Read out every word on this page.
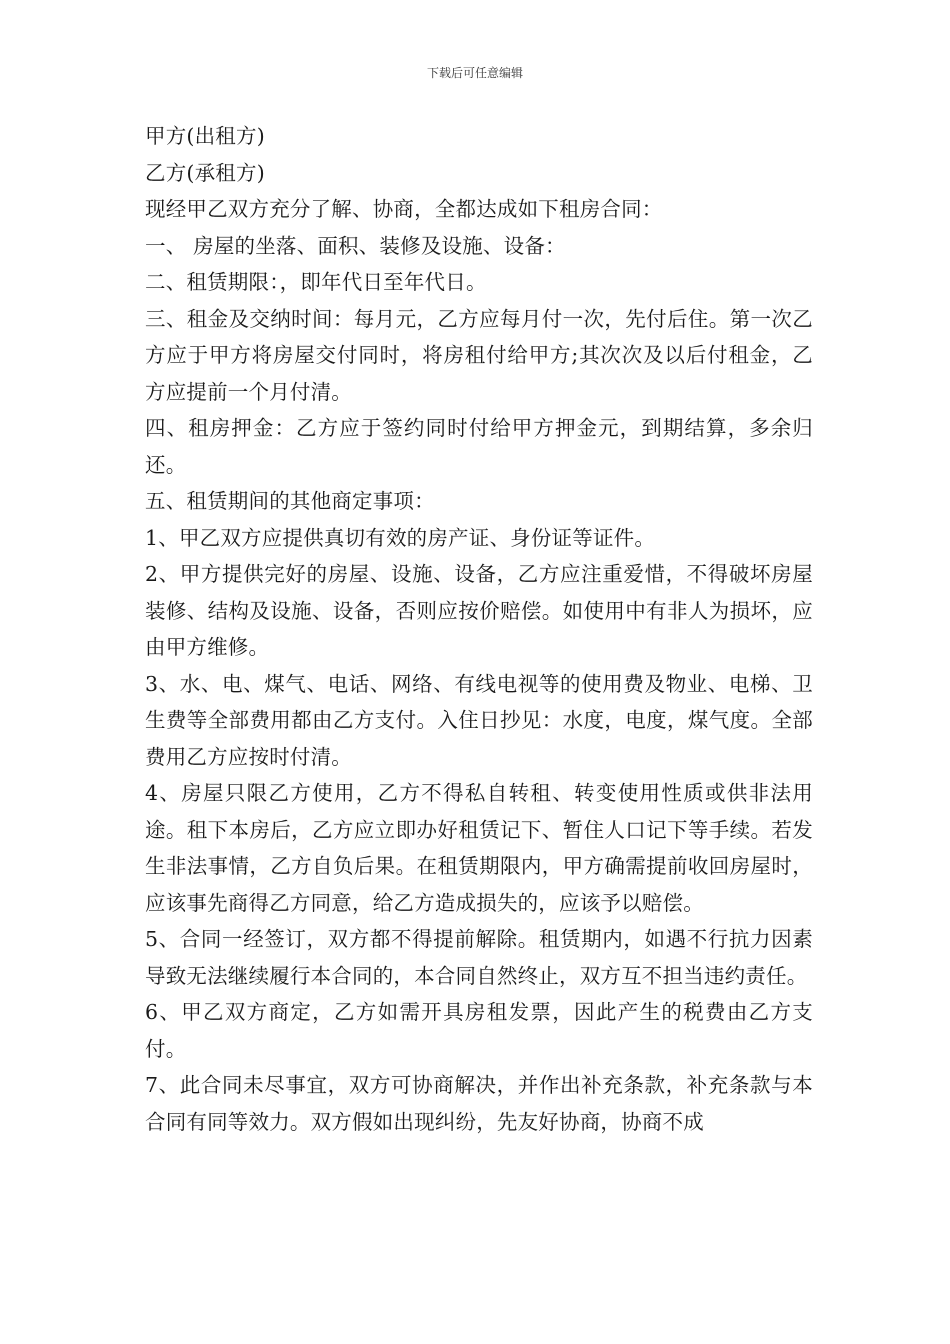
下载后可任意编辑

甲方(出租方)

乙方(承租方)

现经甲乙双方充分了解、协商，全都达成如下租房合同：

一、 房屋的坐落、面积、装修及设施、设备：

二、租赁期限：，即年代日至年代日。

三、租金及交纳时间：每月元，乙方应每月付一次，先付后住。第一次乙方应于甲方将房屋交付同时，将房租付给甲方;其次次及以后付租金，乙方应提前一个月付清。

四、租房押金：乙方应于签约同时付给甲方押金元，到期结算，多余归还。

五、租赁期间的其他商定事项：

1、甲乙双方应提供真切有效的房产证、身份证等证件。

2、甲方提供完好的房屋、设施、设备，乙方应注重爱惜，不得破坏房屋装修、结构及设施、设备，否则应按价赔偿。如使用中有非人为损坏，应由甲方维修。

3、水、电、煤气、电话、网络、有线电视等的使用费及物业、电梯、卫生费等全部费用都由乙方支付。入住日抄见：水度，电度，煤气度。全部费用乙方应按时付清。

4、房屋只限乙方使用，乙方不得私自转租、转变使用性质或供非法用途。租下本房后，乙方应立即办好租赁记下、暂住人口记下等手续。若发生非法事情，乙方自负后果。在租赁期限内，甲方确需提前收回房屋时，应该事先商得乙方同意，给乙方造成损失的，应该予以赔偿。

5、合同一经签订，双方都不得提前解除。租赁期内，如遇不行抗力因素导致无法继续履行本合同的，本合同自然终止，双方互不担当违约责任。

6、甲乙双方商定，乙方如需开具房租发票，因此产生的税费由乙方支付。

7、此合同未尽事宜，双方可协商解决，并作出补充条款，补充条款与本合同有同等效力。双方假如出现纠纷，先友好协商，协商不成
